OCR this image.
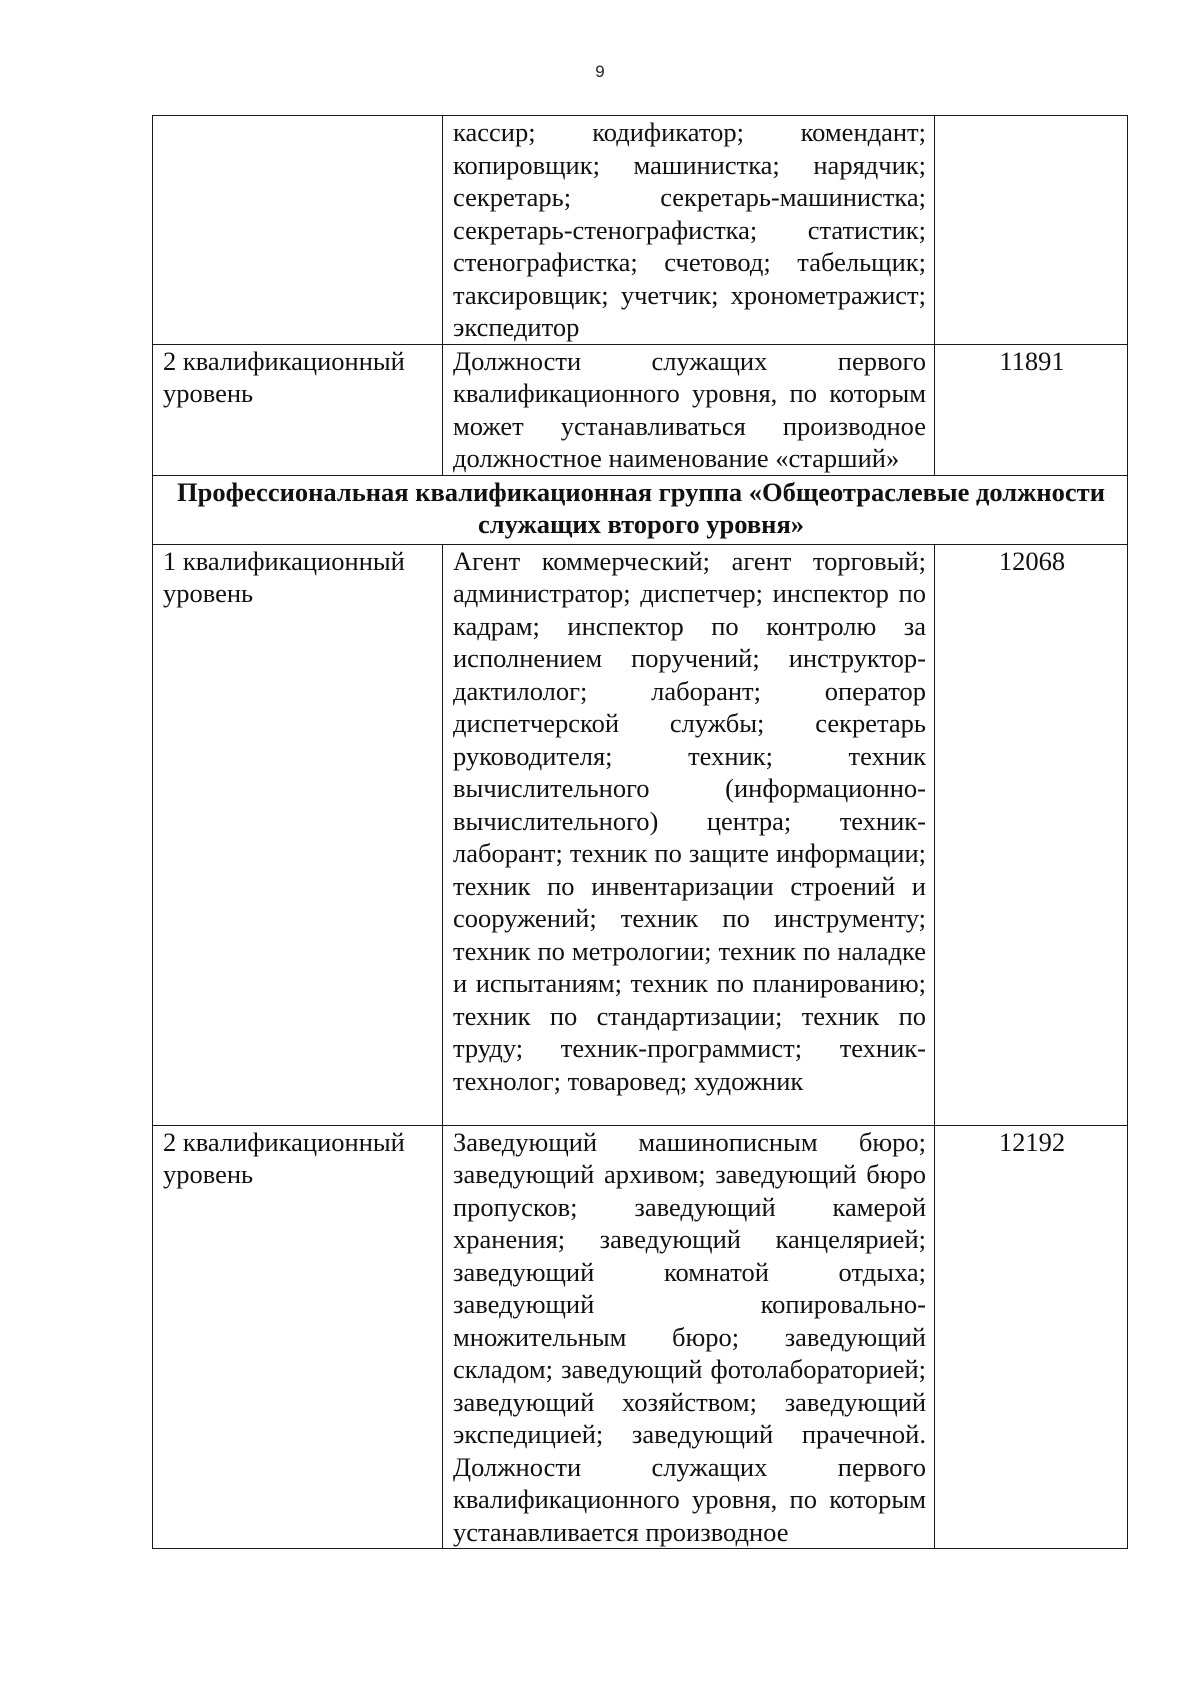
9
	кассир; кодификатор; комендант; копировщик; машинистка; нарядчик; секретарь; секретарь-машинистка; секретарь-стенографистка; статистик; стенографистка; счетовод; табельщик; таксировщик; учетчик; хронометражист; экспедитор	
2 квалификационный уровень	Должности служащих первого квалификационного уровня, по которым может устанавливаться производное должностное наименование «старший»	11891
Профессиональная квалификационная группа «Общеотраслевые должности служащих второго уровня»		
1 квалификационный уровень	Агент коммерческий; агент торговый; администратор; диспетчер; инспектор по кадрам; инспектор по контролю за исполнением поручений; инструктор-дактилолог; лаборант; оператор диспетчерской службы; секретарь руководителя; техник; техник вычислительного (информационно-вычислительного) центра; техник-лаборант; техник по защите информации; техник по инвентаризации строений и сооружений; техник по инструменту; техник по метрологии; техник по наладке и испытаниям; техник по планированию; техник по стандартизации; техник по труду; техник-программист; техник-технолог; товаровед; художник	12068
2 квалификационный уровень	Заведующий машинописным бюро; заведующий архивом; заведующий бюро пропусков; заведующий камерой хранения; заведующий канцелярией; заведующий комнатой отдыха; заведующий копировально-множительным бюро; заведующий складом; заведующий фотолабораторией; заведующий хозяйством; заведующий экспедицией; заведующий прачечной. Должности служащих первого квалификационного уровня, по которым устанавливается производное	12192
